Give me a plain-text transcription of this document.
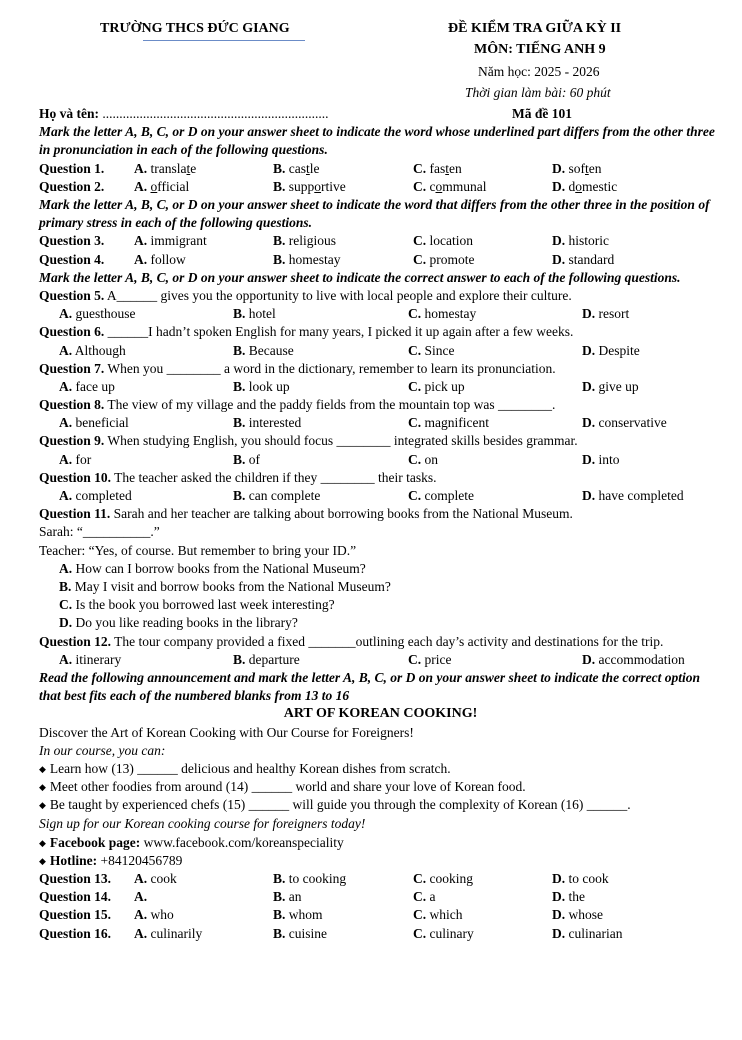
TRƯỜNG THCS ĐỨC GIANG	ĐỀ KIỂM TRA GIỮA KỲ II
MÔN: TIẾNG ANH 9
Năm học: 2025 - 2026
Thời gian làm bài: 60 phút
Họ và tên: ...................................................................	Mã đề 101
Mark the letter A, B, C, or D on your answer sheet to indicate the word whose underlined part differs from the other three in pronunciation in each of the following questions.
Question 1. A. translate	B. castle	C. fasten	D. soften
Question 2. A. official	B. supportive	C. communal	D. domestic
Mark the letter A, B, C, or D on your answer sheet to indicate the word that differs from the other three in the position of primary stress in each of the following questions.
Question 3. A. immigrant	B. religious	C. location	D. historic
Question 4. A. follow	B. homestay	C. promote	D. standard
Mark the letter A, B, C, or D on your answer sheet to indicate the correct answer to each of the following questions.
Question 5. A______ gives you the opportunity to live with local people and explore their culture.
A. guesthouse	B. hotel	C. homestay	D. resort
Question 6. ______I hadn’t spoken English for many years, I picked it up again after a few weeks.
A. Although	B. Because	C. Since	D. Despite
Question 7. When you ________ a word in the dictionary, remember to learn its pronunciation.
A. face up	B. look up	C. pick up	D. give up
Question 8. The view of my village and the paddy fields from the mountain top was ________.
A. beneficial	B. interested	C. magnificent	D. conservative
Question 9. When studying English, you should focus ________ integrated skills besides grammar.
A. for	B. of	C. on	D. into
Question 10. The teacher asked the children if they ________ their tasks.
A. completed	B. can complete	C. complete	D. have completed
Question 11. Sarah and her teacher are talking about borrowing books from the National Museum.
Sarah: “__________.”
Teacher: “Yes, of course. But remember to bring your ID.”
A. How can I borrow books from the National Museum?
B. May I visit and borrow books from the National Museum?
C. Is the book you borrowed last week interesting?
D. Do you like reading books in the library?
Question 12. The tour company provided a fixed _______outlining each day’s activity and destinations for the trip.
A. itinerary	B. departure	C. price	D. accommodation
Read the following announcement and mark the letter A, B, C, or D on your answer sheet to indicate the correct option that best fits each of the numbered blanks from 13 to 16
ART OF KOREAN COOKING!
Discover the Art of Korean Cooking with Our Course for Foreigners!
In our course, you can:
◆ Learn how (13) ______ delicious and healthy Korean dishes from scratch.
◆ Meet other foodies from around (14) ______ world and share your love of Korean food.
◆ Be taught by experienced chefs (15) ______ will guide you through the complexity of Korean (16) ______.
Sign up for our Korean cooking course for foreigners today!
◆ Facebook page: www.facebook.com/koreanspeciality
◆ Hotline: +84120456789
Question 13. A. cook	B. to cooking	C. cooking	D. to cook
Question 14. A.	B. an	C. a	D. the
Question 15. A. who	B. whom	C. which	D. whose
Question 16. A. culinarily	B. cuisine	C. culinary	D. culinarian
